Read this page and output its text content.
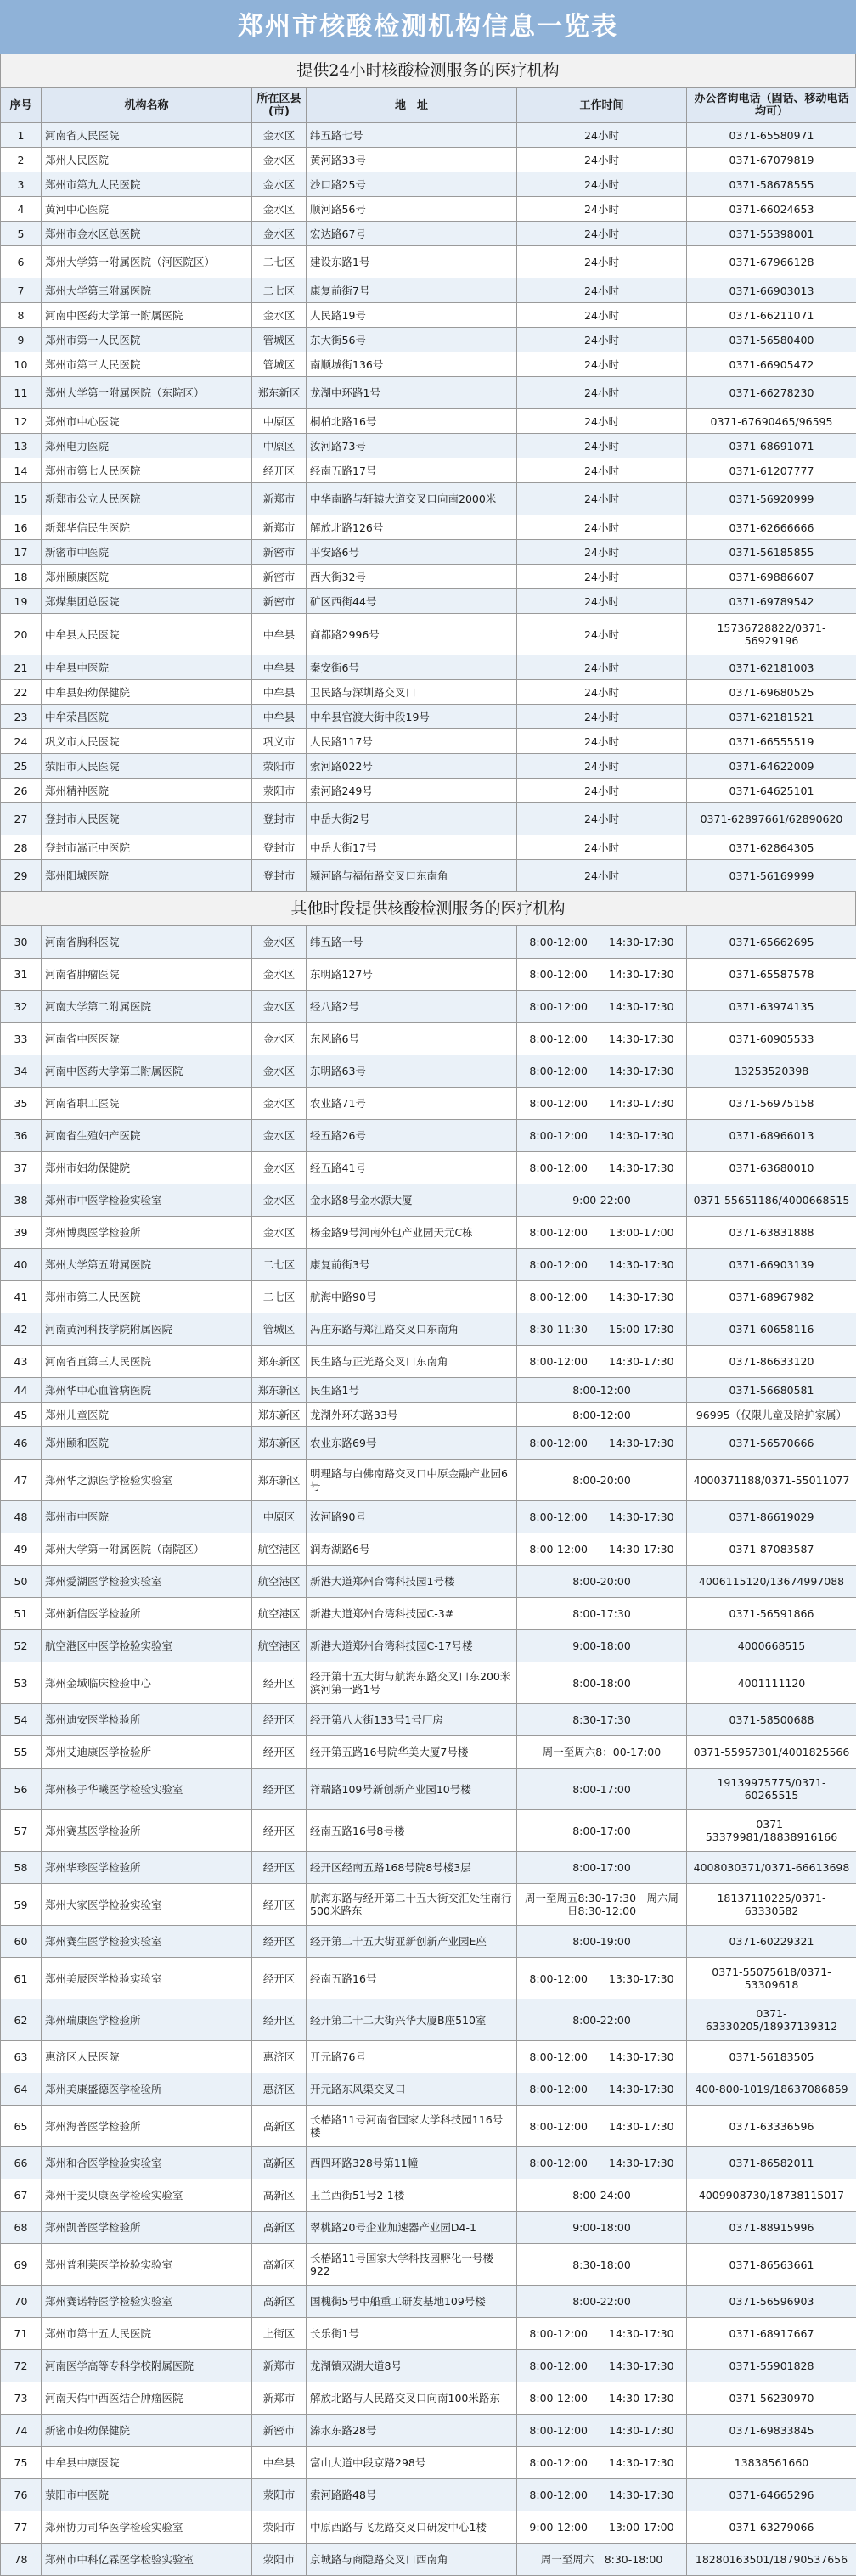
郑州市核酸检测机构信息一览表
提供24小时核酸检测服务的医疗机构
序号	机构名称	所在区县(市)	地　址	工作时间	办公咨询电话（固话、移动电话均可）
1	河南省人民医院	金水区	纬五路七号	24小时	0371-65580971
2	郑州人民医院	金水区	黄河路33号	24小时	0371-67079819
3	郑州市第九人民医院	金水区	沙口路25号	24小时	0371-58678555
4	黄河中心医院	金水区	顺河路56号	24小时	0371-66024653
5	郑州市金水区总医院	金水区	宏达路67号	24小时	0371-55398001
6	郑州大学第一附属医院（河医院区）	二七区	建设东路1号	24小时	0371-67966128
7	郑州大学第三附属医院	二七区	康复前街7号	24小时	0371-66903013
8	河南中医药大学第一附属医院	金水区	人民路19号	24小时	0371-66211071
9	郑州市第一人民医院	管城区	东大街56号	24小时	0371-56580400
10	郑州市第三人民医院	管城区	南顺城街136号	24小时	0371-66905472
11	郑州大学第一附属医院（东院区）	郑东新区	龙湖中环路1号	24小时	0371-66278230
12	郑州市中心医院	中原区	桐柏北路16号	24小时	0371-67690465/96595
13	郑州电力医院	中原区	汝河路73号	24小时	0371-68691071
14	郑州市第七人民医院	经开区	经南五路17号	24小时	0371-61207777
15	新郑市公立人民医院	新郑市	中华南路与轩辕大道交叉口向南2000米	24小时	0371-56920999
16	新郑华信民生医院	新郑市	解放北路126号	24小时	0371-62666666
17	新密市中医院	新密市	平安路6号	24小时	0371-56185855
18	郑州颐康医院	新密市	西大街32号	24小时	0371-69886607
19	郑煤集团总医院	新密市	矿区西街44号	24小时	0371-69789542
20	中牟县人民医院	中牟县	商都路2996号	24小时	15736728822/0371-56929196
21	中牟县中医院	中牟县	秦安街6号	24小时	0371-62181003
22	中牟县妇幼保健院	中牟县	卫民路与深圳路交叉口	24小时	0371-69680525
23	中牟荣昌医院	中牟县	中牟县官渡大街中段19号	24小时	0371-62181521
24	巩义市人民医院	巩义市	人民路117号	24小时	0371-66555519
25	荥阳市人民医院	荥阳市	索河路022号	24小时	0371-64622009
26	郑州精神医院	荥阳市	索河路249号	24小时	0371-64625101
27	登封市人民医院	登封市	中岳大街2号	24小时	0371-62897661/62890620
28	登封市嵩正中医院	登封市	中岳大街17号	24小时	0371-62864305
29	郑州阳城医院	登封市	颍河路与福佑路交叉口东南角	24小时	0371-56169999
其他时段提供核酸检测服务的医疗机构
30	河南省胸科医院	金水区	纬五路一号	8:00-12:00　　14:30-17:30	0371-65662695
31	河南省肿瘤医院	金水区	东明路127号	8:00-12:00　　14:30-17:30	0371-65587578
32	河南大学第二附属医院	金水区	经八路2号	8:00-12:00　　14:30-17:30	0371-63974135
33	河南省中医医院	金水区	东风路6号	8:00-12:00　　14:30-17:30	0371-60905533
34	河南中医药大学第三附属医院	金水区	东明路63号	8:00-12:00　　14:30-17:30	13253520398
35	河南省职工医院	金水区	农业路71号	8:00-12:00　　14:30-17:30	0371-56975158
36	河南省生殖妇产医院	金水区	经五路26号	8:00-12:00　　14:30-17:30	0371-68966013
37	郑州市妇幼保健院	金水区	经五路41号	8:00-12:00　　14:30-17:30	0371-63680010
38	郑州市中医学检验实验室	金水区	金水路8号金水源大厦	9:00-22:00	0371-55651186/4000668515
39	郑州博奥医学检验所	金水区	杨金路9号河南外包产业园天元C栋	8:00-12:00　　13:00-17:00	0371-63831888
40	郑州大学第五附属医院	二七区	康复前街3号	8:00-12:00　　14:30-17:30	0371-66903139
41	郑州市第二人民医院	二七区	航海中路90号	8:00-12:00　　14:30-17:30	0371-68967982
42	河南黄河科技学院附属医院	管城区	冯庄东路与郑江路交叉口东南角	8:30-11:30　　15:00-17:30	0371-60658116
43	河南省直第三人民医院	郑东新区	民生路与正光路交叉口东南角	8:00-12:00　　14:30-17:30	0371-86633120
44	郑州华中心血管病医院	郑东新区	民生路1号	8:00-12:00	0371-56680581
45	郑州儿童医院	郑东新区	龙湖外环东路33号	8:00-12:00	96995（仅限儿童及陪护家属）
46	郑州颐和医院	郑东新区	农业东路69号	8:00-12:00　　14:30-17:30	0371-56570666
47	郑州华之源医学检验实验室	郑东新区	明理路与白佛南路交叉口中原金融产业园6号	8:00-20:00	4000371188/0371-55011077
48	郑州市中医院	中原区	汝河路90号	8:00-12:00　　14:30-17:30	0371-86619029
49	郑州大学第一附属医院（南院区）	航空港区	润寿湖路6号	8:00-12:00　　14:30-17:30	0371-87083587
50	郑州爱湖医学检验实验室	航空港区	新港大道郑州台湾科技园1号楼	8:00-20:00	4006115120/13674997088
51	郑州新信医学检验所	航空港区	新港大道郑州台湾科技园C-3#	8:00-17:30	0371-56591866
52	航空港区中医学检验实验室	航空港区	新港大道郑州台湾科技园C-17号楼	9:00-18:00	4000668515
53	郑州金域临床检验中心	经开区	经开第十五大街与航海东路交叉口东200米滨河第一路1号	8:00-18:00	4001111120
54	郑州迪安医学检验所	经开区	经开第八大街133号1号厂房	8:30-17:30	0371-58500688
55	郑州艾迪康医学检验所	经开区	经开第五路16号院华美大厦7号楼	周一至周六8：00-17:00	0371-55957301/4001825566
56	郑州核子华曦医学检验实验室	经开区	祥瑞路109号新创新产业园10号楼	8:00-17:00	19139975775/0371-60265515
57	郑州赛基医学检验所	经开区	经南五路16号8号楼	8:00-17:00	0371-53379981/18838916166
58	郑州华珍医学检验所	经开区	经开区经南五路168号院8号楼3层	8:00-17:00	4008030371/0371-66613698
59	郑州大家医学检验实验室	经开区	航海东路与经开第二十五大街交汇处往南行500米路东	周一至周五8:30-17:30　周六周日8:30-12:00	18137110225/0371-63330582
60	郑州赛生医学检验实验室	经开区	经开第二十五大街亚新创新产业园E座	8:00-19:00	0371-60229321
61	郑州美辰医学检验实验室	经开区	经南五路16号	8:00-12:00　　13:30-17:30	0371-55075618/0371-53309618
62	郑州瑞康医学检验所	经开区	经开第二十二大街兴华大厦B座510室	8:00-22:00	0371-63330205/18937139312
63	惠济区人民医院	惠济区	开元路76号	8:00-12:00　　14:30-17:30	0371-56183505
64	郑州美康盛德医学检验所	惠济区	开元路东风渠交叉口	8:00-12:00　　14:30-17:30	400-800-1019/18637086859
65	郑州海普医学检验所	高新区	长椿路11号河南省国家大学科技园116号楼	8:00-12:00　　14:30-17:30	0371-63336596
66	郑州和合医学检验实验室	高新区	西四环路328号第11幢	8:00-12:00　　14:30-17:30	0371-86582011
67	郑州千麦贝康医学检验实验室	高新区	玉兰西街51号2-1楼	8:00-24:00	4009908730/18738115017
68	郑州凯普医学检验所	高新区	翠桃路20号企业加速器产业园D4-1	9:00-18:00	0371-88915996
69	郑州普利莱医学检验实验室	高新区	长椿路11号国家大学科技园孵化一号楼922	8:30-18:00	0371-86563661
70	郑州赛诺特医学检验实验室	高新区	国槐街5号中船重工研发基地109号楼	8:00-22:00	0371-56596903
71	郑州市第十五人民医院	上街区	长乐街1号	8:00-12:00　　14:30-17:30	0371-68917667
72	河南医学高等专科学校附属医院	新郑市	龙湖镇双湖大道8号	8:00-12:00　　14:30-17:30	0371-55901828
73	河南天佑中西医结合肿瘤医院	新郑市	解放北路与人民路交叉口向南100米路东	8:00-12:00　　14:30-17:30	0371-56230970
74	新密市妇幼保健院	新密市	溱水东路28号	8:00-12:00　　14:30-17:30	0371-69833845
75	中牟县中康医院	中牟县	富山大道中段京路298号	8:00-12:00　　14:30-17:30	13838561660
76	荥阳市中医院	荥阳市	索河路路48号	8:00-12:00　　14:30-17:30	0371-64665296
77	郑州协力司华医学检验实验室	荥阳市	中原西路与飞龙路交叉口研发中心1楼	9:00-12:00　　13:00-17:00	0371-63279066
78	郑州市中科亿霖医学检验实验室	荥阳市	京城路与商隐路交叉口西南角	周一至周六　8:30-18:00	18280163501/18790537656
